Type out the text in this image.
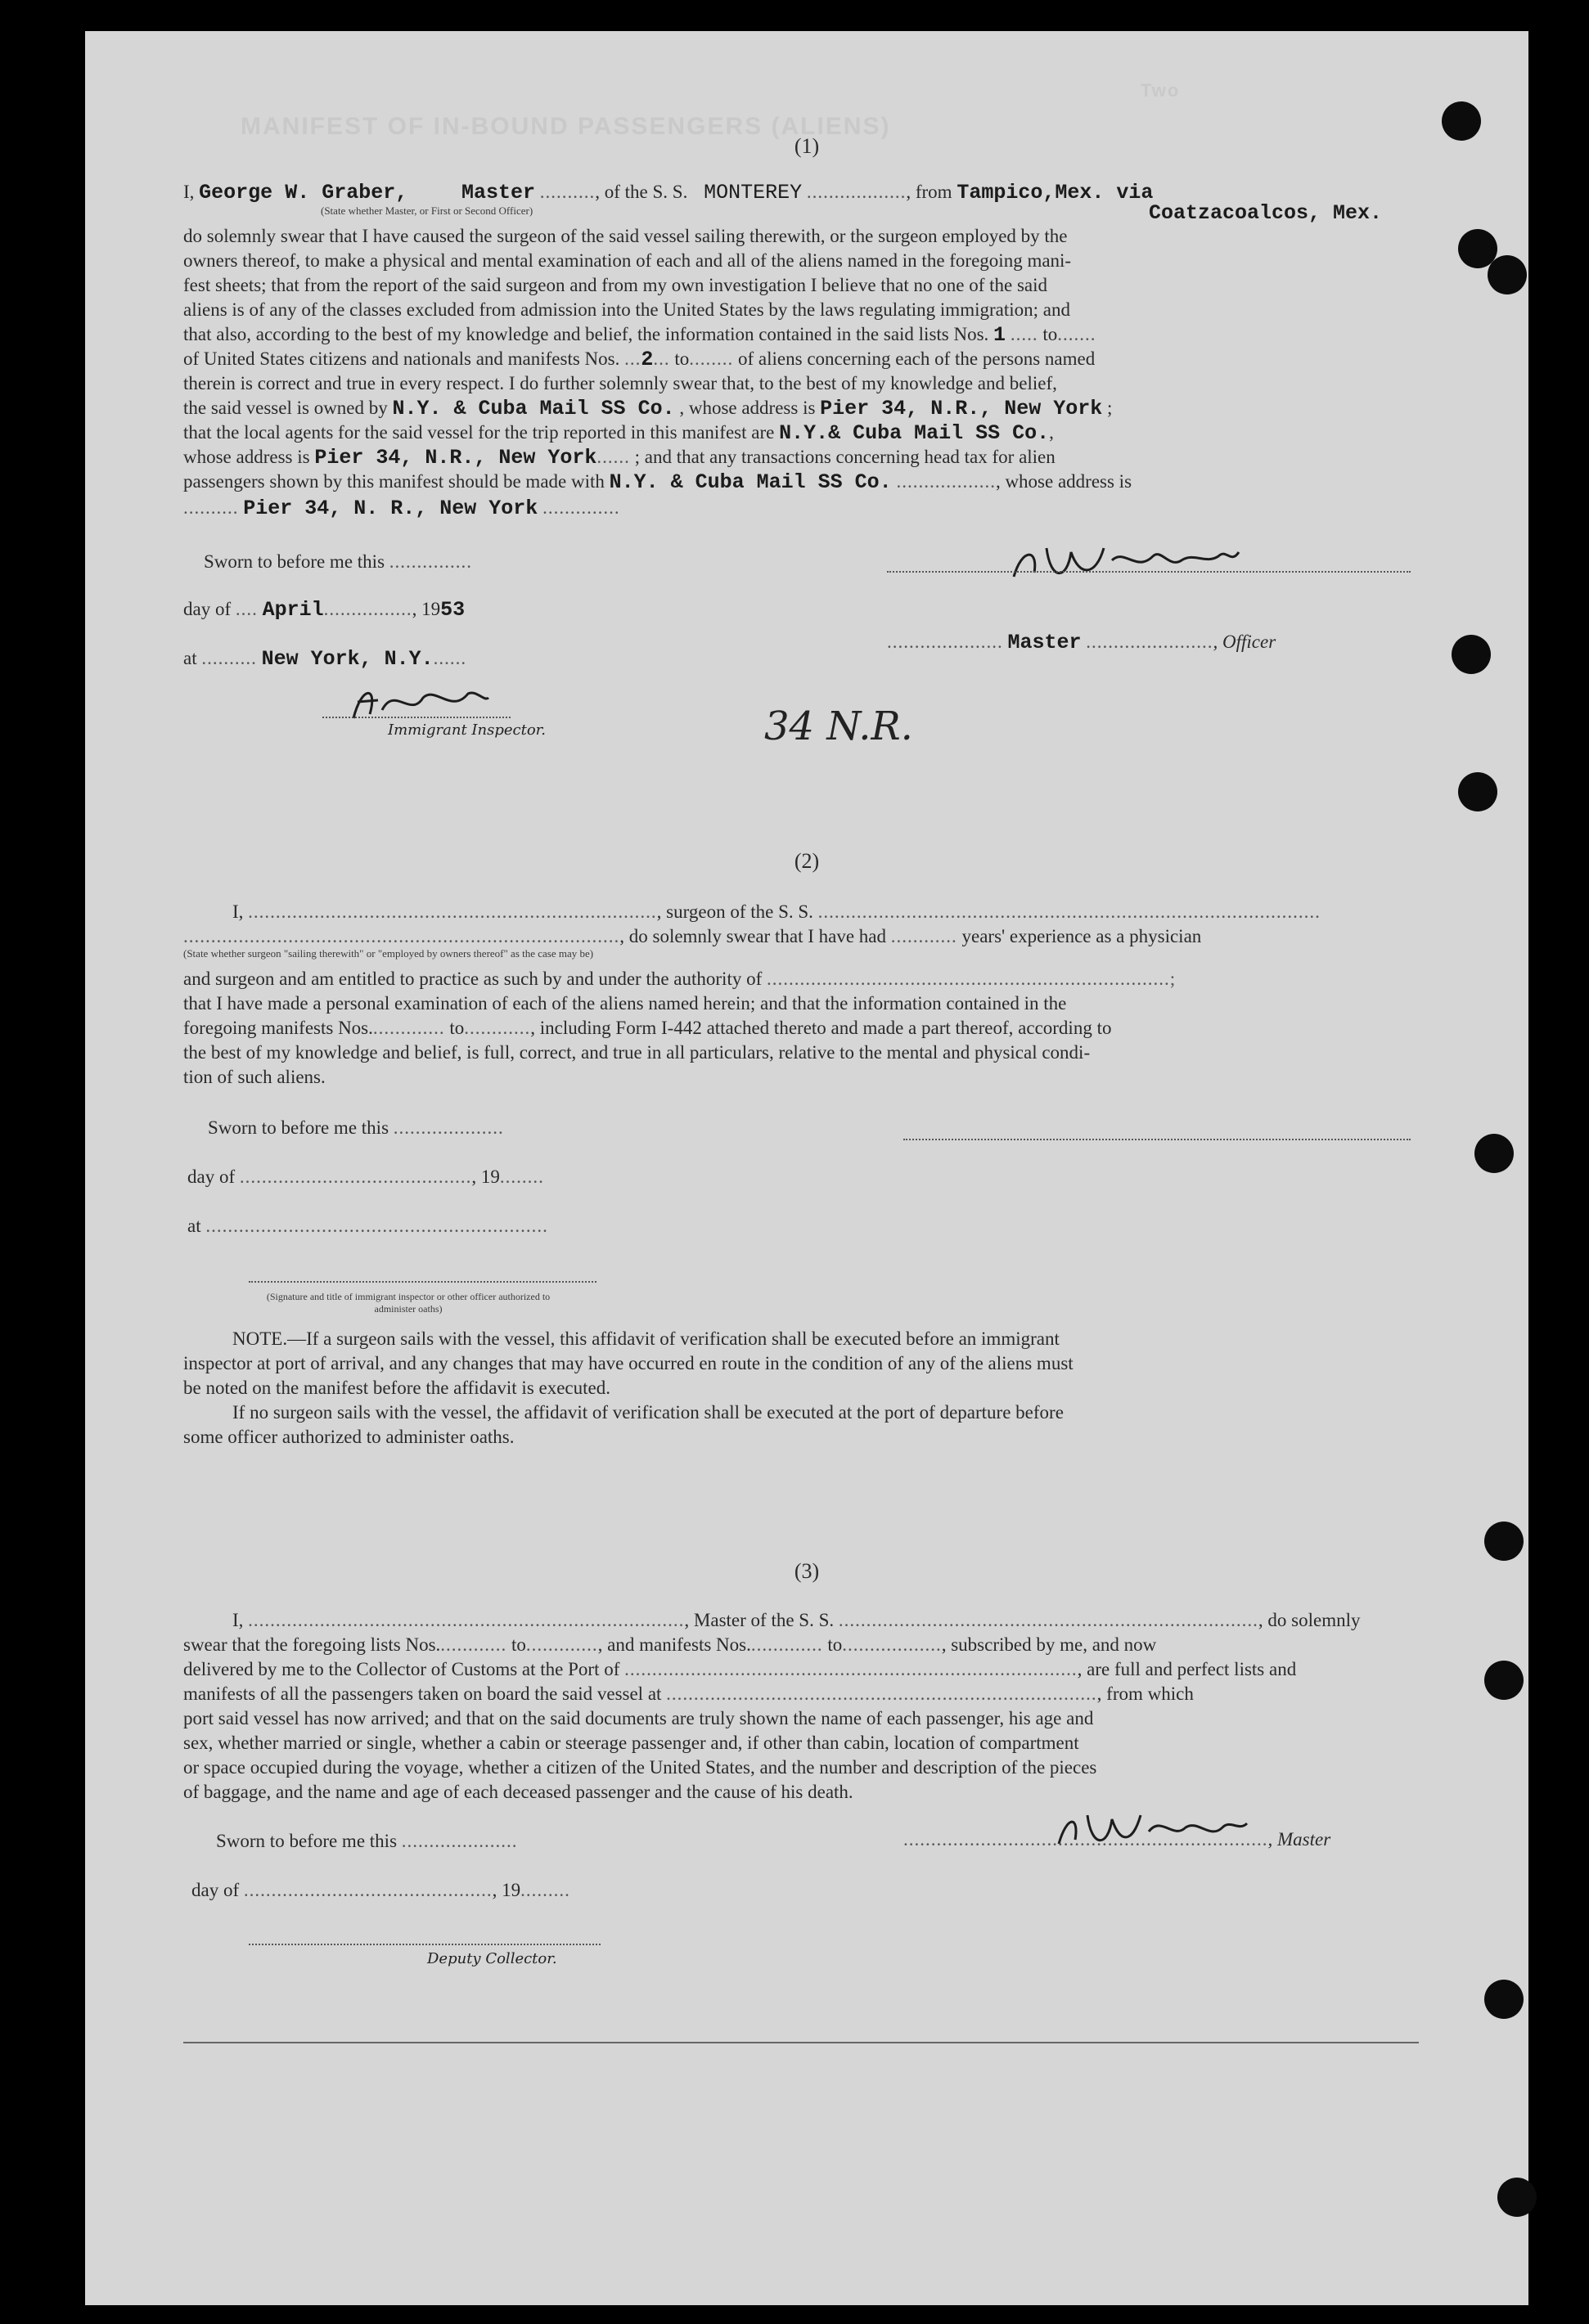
MANIFEST OF IN-BOUND PASSENGERS (ALIENS)
Two
(1)
I, George W. Graber,	Master .........., of the S. S. MONTEREY .................., from Tampico,Mex. via
(State whether Master, or First or Second Officer)	Coatzacoalcos, Mex.
do solemnly swear that I have caused the surgeon of the said vessel sailing therewith, or the surgeon employed by the
owners thereof, to make a physical and mental examination of each and all of the aliens named in the foregoing mani-
fest sheets; that from the report of the said surgeon and from my own investigation I believe that no one of the said
aliens is of any of the classes excluded from admission into the United States by the laws regulating immigration; and
that also, according to the best of my knowledge and belief, the information contained in the said lists Nos. 1 ..... to.......
of United States citizens and nationals and manifests Nos. ...2... to........ of aliens concerning each of the persons named
therein is correct and true in every respect. I do further solemnly swear that, to the best of my knowledge and belief,
the said vessel is owned by N.Y. & Cuba Mail SS Co. , whose address is Pier 34, N.R., New York ;
that the local agents for the said vessel for the trip reported in this manifest are N.Y.& Cuba Mail SS Co.,
whose address is Pier 34, N.R., New York...... ; and that any transactions concerning head tax for alien
passengers shown by this manifest should be made with N.Y. & Cuba Mail SS Co. .................., whose address is
.......... Pier 34, N. R., New York ..............
Sworn to before me this ...............
day of .... April................, 1953
at .......... New York, N.Y.......
Immigrant Inspector.
..................... Master ......................., Officer
34 N.R.
(2)
I, .........................................................................., surgeon of the S. S. ...........................................................................................
..............................................................................., do solemnly swear that I have had ............ years' experience as a physician
(State whether surgeon "sailing therewith" or "employed by owners thereof" as the case may be)
and surgeon and am entitled to practice as such by and under the authority of .........................................................................;
that I have made a personal examination of each of the aliens named herein; and that the information contained in the
foregoing manifests Nos.............. to............, including Form I-442 attached thereto and made a part thereof, according to
the best of my knowledge and belief, is full, correct, and true in all particulars, relative to the mental and physical condi-
tion of such aliens.
Sworn to before me this ....................
day of .........................................., 19........
at ..............................................................
(Signature and title of immigrant inspector or other officer authorized to administer oaths)
NOTE.—If a surgeon sails with the vessel, this affidavit of verification shall be executed before an immigrant
inspector at port of arrival, and any changes that may have occurred en route in the condition of any of the aliens must
be noted on the manifest before the affidavit is executed.
If no surgeon sails with the vessel, the affidavit of verification shall be executed at the port of departure before
some officer authorized to administer oaths.
(3)
I, ..............................................................................., Master of the S. S. ............................................................................, do solemnly
swear that the foregoing lists Nos............. to............., and manifests Nos.............. to.................., subscribed by me, and now
delivered by me to the Collector of Customs at the Port of .................................................................................., are full and perfect lists and
manifests of all the passengers taken on board the said vessel at .............................................................................., from which
port said vessel has now arrived; and that on the said documents are truly shown the name of each passenger, his age and
sex, whether married or single, whether a cabin or steerage passenger and, if other than cabin, location of compartment
or space occupied during the voyage, whether a citizen of the United States, and the number and description of the pieces
of baggage, and the name and age of each deceased passenger and the cause of his death.
Sworn to before me this .....................	.................................................................., Master
day of ............................................., 19.........
Deputy Collector.
